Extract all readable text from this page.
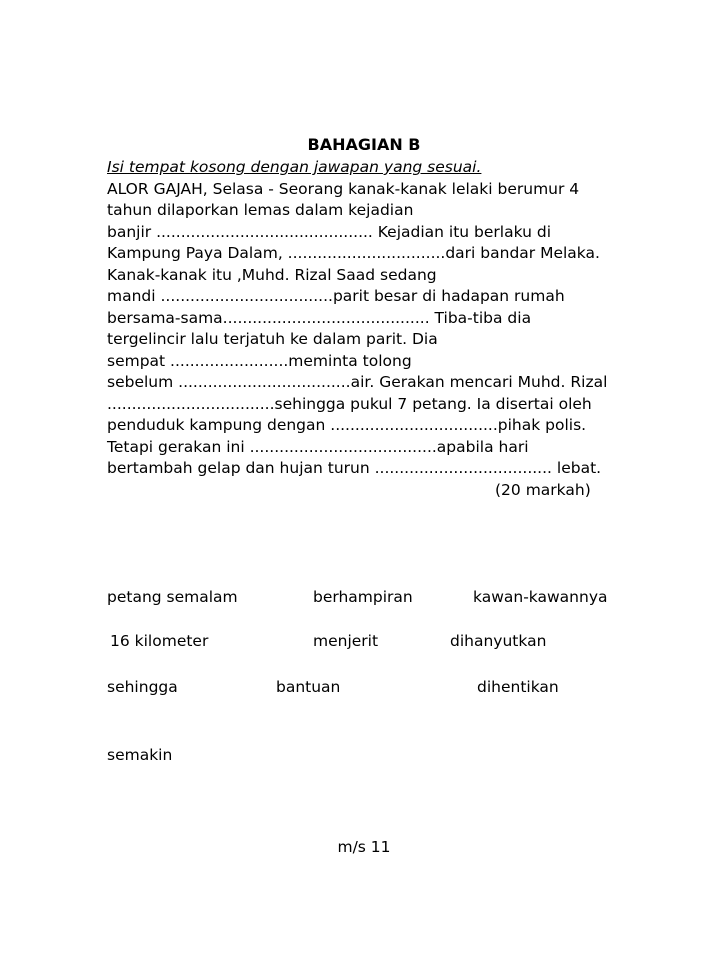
BAHAGIAN B
Isi tempat kosong dengan jawapan yang sesuai.
ALOR GAJAH, Selasa - Seorang kanak-kanak lelaki berumur 4
tahun dilaporkan lemas dalam kejadian
banjir ............................................ Kejadian itu berlaku di
Kampung Paya Dalam, ................................dari bandar Melaka.
Kanak-kanak itu ,Muhd. Rizal Saad sedang
mandi ...................................parit besar di hadapan rumah
bersama-sama.......................................... Tiba-tiba dia
tergelincir lalu terjatuh ke dalam parit. Dia
sempat ........................meminta tolong
sebelum ...................................air. Gerakan mencari Muhd. Rizal
..................................sehingga pukul 7 petang. Ia disertai oleh
penduduk kampung dengan ..................................pihak polis.
Tetapi gerakan ini ......................................apabila hari
bertambah gelap dan hujan turun .................................... lebat.
(20 markah)
petang semalam	berhampiran	kawan-kawannya
16 kilometer	menjerit	dihanyutkan
sehingga	bantuan	dihentikan
semakin
m/s 11
